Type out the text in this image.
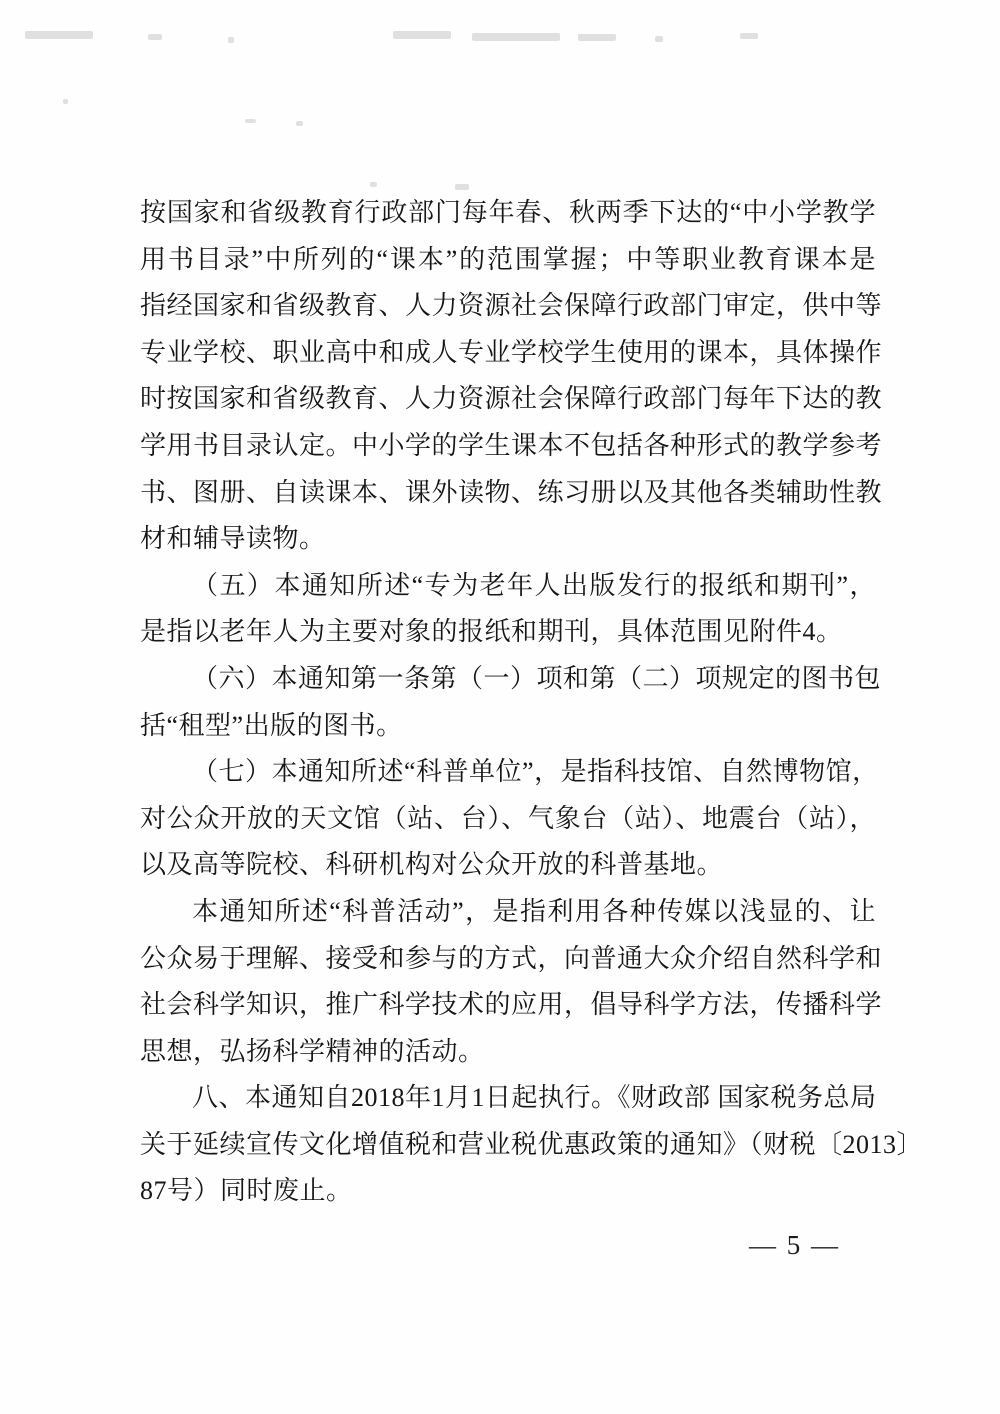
按国家和省级教育行政部门每年春、秋两季下达的“中小学教学
用书目录”中所列的“课本”的范围掌握；中等职业教育课本是
指经国家和省级教育、人力资源社会保障行政部门审定，供中等
专业学校、职业高中和成人专业学校学生使用的课本，具体操作
时按国家和省级教育、人力资源社会保障行政部门每年下达的教
学用书目录认定。中小学的学生课本不包括各种形式的教学参考
书、图册、自读课本、课外读物、练习册以及其他各类辅助性教
材和辅导读物。
（五）本通知所述“专为老年人出版发行的报纸和期刊”，
是指以老年人为主要对象的报纸和期刊，具体范围见附件4。
（六）本通知第一条第（一）项和第（二）项规定的图书包
括“租型”出版的图书。
（七）本通知所述“科普单位”，是指科技馆、自然博物馆，
对公众开放的天文馆（站、台）、气象台（站）、地震台（站），
以及高等院校、科研机构对公众开放的科普基地。
本通知所述“科普活动”，是指利用各种传媒以浅显的、让
公众易于理解、接受和参与的方式，向普通大众介绍自然科学和
社会科学知识，推广科学技术的应用，倡导科学方法，传播科学
思想，弘扬科学精神的活动。
八、本通知自2018年1月1日起执行。《财政部 国家税务总局
关于延续宣传文化增值税和营业税优惠政策的通知》（财税〔2013〕
87号）同时废止。
— 5 —
